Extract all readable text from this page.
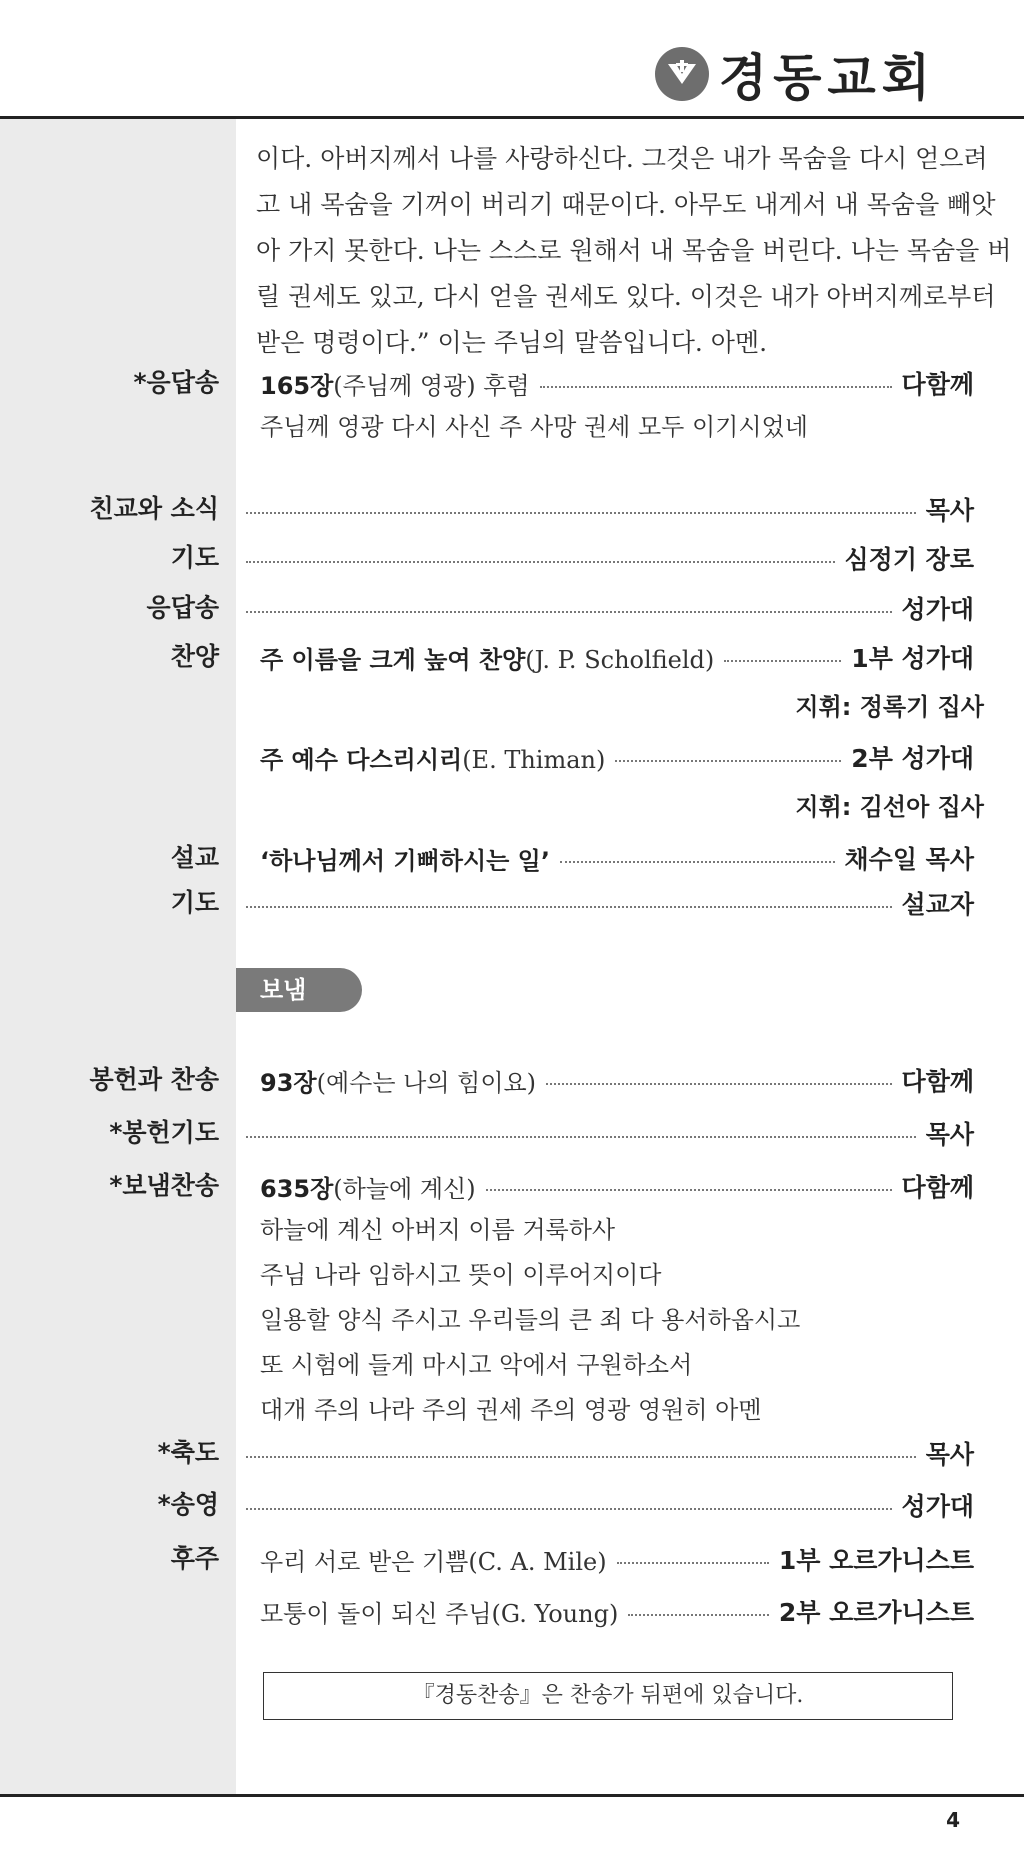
경동교회

이다. 아버지께서 나를 사랑하신다. 그것은 내가 목숨을 다시 얻으려

고 내 목숨을 기꺼이 버리기 때문이다. 아무도 내게서 내 목숨을 빼앗

아 가지 못한다. 나는 스스로 원해서 내 목숨을 버린다. 나는 목숨을 버

릴 권세도 있고, 다시 얻을 권세도 있다. 이것은 내가 아버지께로부터

받은 명령이다.” 이는 주님의 말씀입니다. 아멘.

*응답송 165장(주님께 영광) 후렴	다함께
주님께 영광 다시 사신 주 사망 권세 모두 이기시었네
친교와 소식	목사
기도	심정기 장로
응답송	성가대
찬양 주 이름을 크게 높여 찬양(J. P. Scholfield)	1부 성가대
지휘: 정록기 집사
주 예수 다스리시리(E. Thiman)	2부 성가대
지휘: 김선아 집사
설교 ‘하나님께서 기뻐하시는 일’	채수일 목사
기도	설교자
보냄
봉헌과 찬송 93장(예수는 나의 힘이요)	다함께
*봉헌기도	목사
*보냄찬송 635장(하늘에 계신)	다함께
하늘에 계신 아버지 이름 거룩하사
주님 나라 임하시고 뜻이 이루어지이다
일용할 양식 주시고 우리들의 큰 죄 다 용서하옵시고
또 시험에 들게 마시고 악에서 구원하소서
대개 주의 나라 주의 권세 주의 영광 영원히 아멘
*축도	목사
*송영	성가대
후주 우리 서로 받은 기쁨(C. A. Mile)	1부 오르가니스트
모퉁이 돌이 되신 주님(G. Young)	2부 오르가니스트
『경동찬송』은 찬송가 뒤편에 있습니다.
4
